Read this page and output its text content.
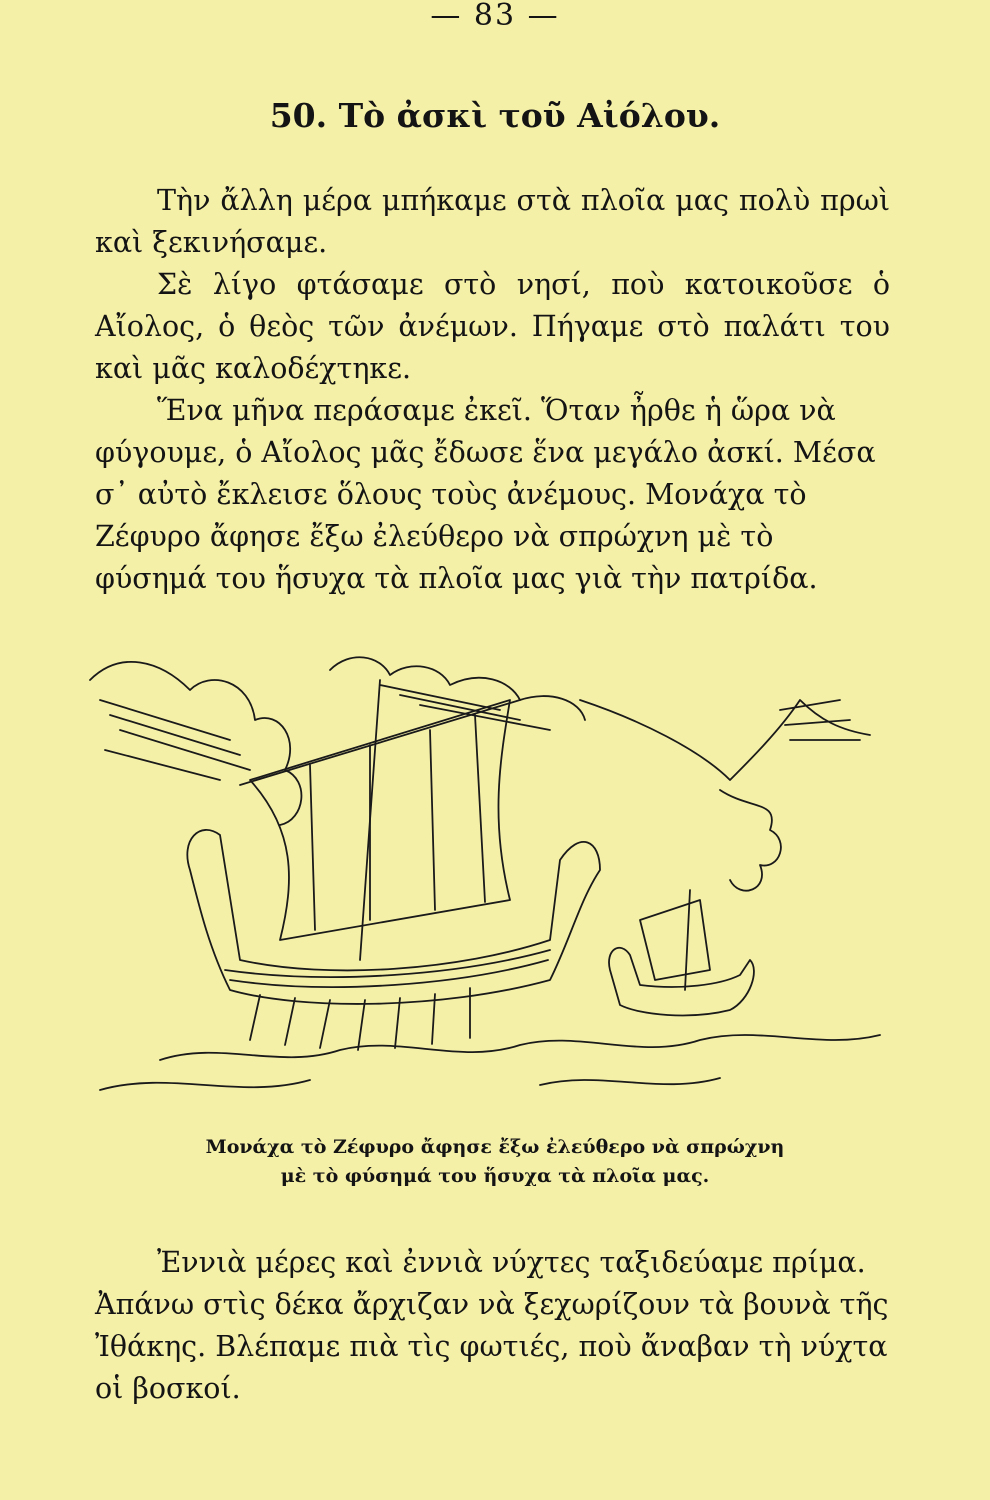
— 83 —
50. Τὸ ἀσκὶ τοῦ Αἰόλου.

Τὴν ἄλλη μέρα μπήκαμε στὰ πλοῖα μας πολὺ πρωὶ καὶ ξεκινήσαμε.

Σὲ λίγο φτάσαμε στὸ νησί, ποὺ κατοικοῦσε ὁ Αἴολος, ὁ θεὸς τῶν ἀνέμων. Πήγαμε στὸ παλάτι του καὶ μᾶς καλοδέχτηκε.

Ἕνα μῆνα περάσαμε ἐκεῖ. Ὅταν ἦρθε ἡ ὥρα νὰ φύγουμε, ὁ Αἴολος μᾶς ἔδωσε ἕνα μεγάλο ἀσκί. Μέσα σ᾿ αὐτὸ ἔκλεισε ὅλους τοὺς ἀνέμους. Μονάχα τὸ Ζέφυρο ἄφησε ἔξω ἐλεύθερο νὰ σπρώχνη μὲ τὸ φύσημά του ἥσυχα τὰ πλοῖα μας γιὰ τὴν πατρίδα.

Μονάχα τὸ Ζέφυρο ἄφησε ἔξω ἐλεύθερο νὰ σπρώχνη
μὲ τὸ φύσημά του ἥσυχα τὰ πλοῖα μας.

Ἐννιὰ μέρες καὶ ἐννιὰ νύχτες ταξιδεύαμε πρίμα. Ἀπάνω στὶς δέκα ἄρχιζαν νὰ ξεχωρίζουν τὰ βουνὰ τῆς Ἰθάκης. Βλέπαμε πιὰ τὶς φωτιές, ποὺ ἄναβαν τὴ νύχτα οἱ βοσκοί.
